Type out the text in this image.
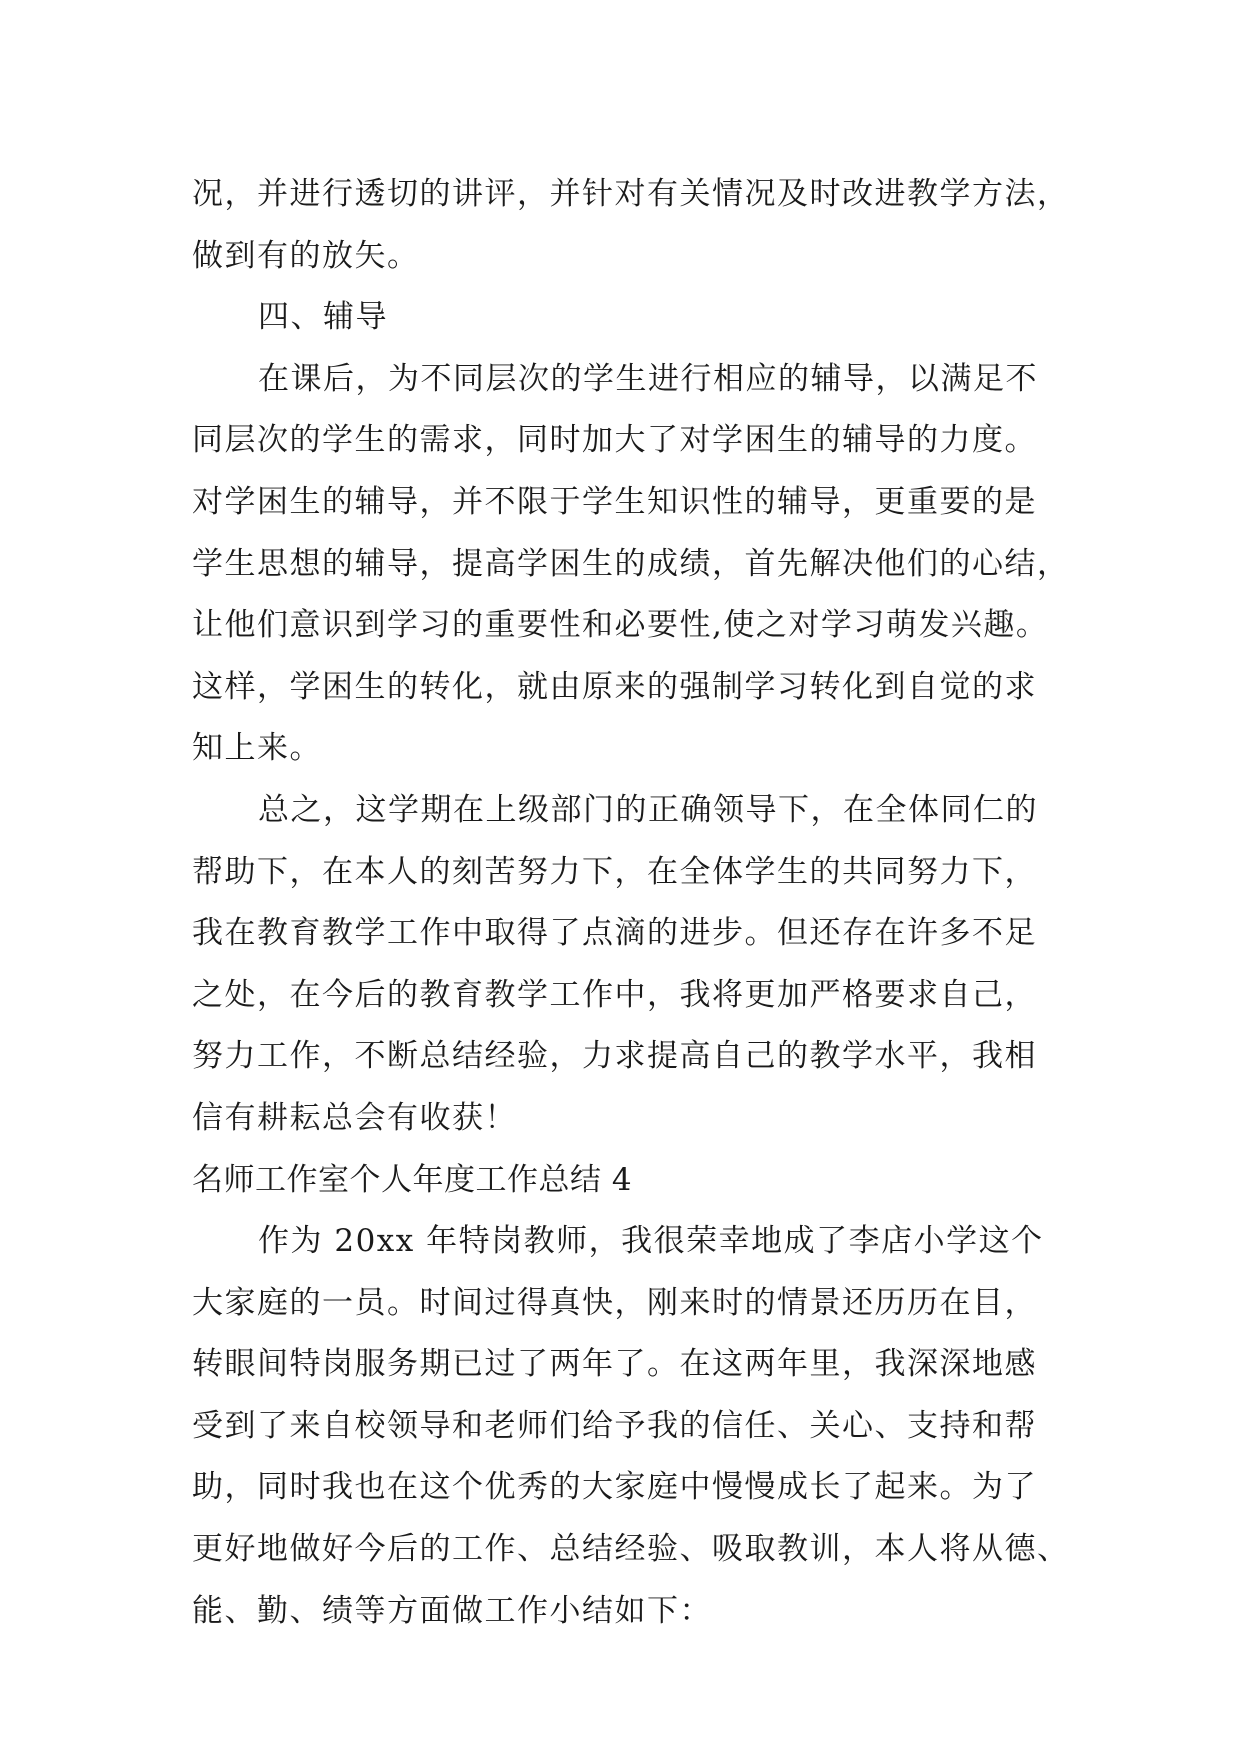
况，并进行透切的讲评，并针对有关情况及时改进教学方法，
做到有的放矢。
四、辅导
在课后，为不同层次的学生进行相应的辅导，以满足不
同层次的学生的需求，同时加大了对学困生的辅导的力度。
对学困生的辅导，并不限于学生知识性的辅导，更重要的是
学生思想的辅导，提高学困生的成绩，首先解决他们的心结，
让他们意识到学习的重要性和必要性,使之对学习萌发兴趣。
这样，学困生的转化，就由原来的强制学习转化到自觉的求
知上来。
总之，这学期在上级部门的正确领导下，在全体同仁的
帮助下，在本人的刻苦努力下，在全体学生的共同努力下，
我在教育教学工作中取得了点滴的进步。但还存在许多不足
之处，在今后的教育教学工作中，我将更加严格要求自己，
努力工作，不断总结经验，力求提高自己的教学水平，我相
信有耕耘总会有收获！
名师工作室个人年度工作总结 4
作为 20xx 年特岗教师，我很荣幸地成了李店小学这个
大家庭的一员。时间过得真快，刚来时的情景还历历在目，
转眼间特岗服务期已过了两年了。在这两年里，我深深地感
受到了来自校领导和老师们给予我的信任、关心、支持和帮
助，同时我也在这个优秀的大家庭中慢慢成长了起来。为了
更好地做好今后的工作、总结经验、吸取教训，本人将从德、
能、勤、绩等方面做工作小结如下：
